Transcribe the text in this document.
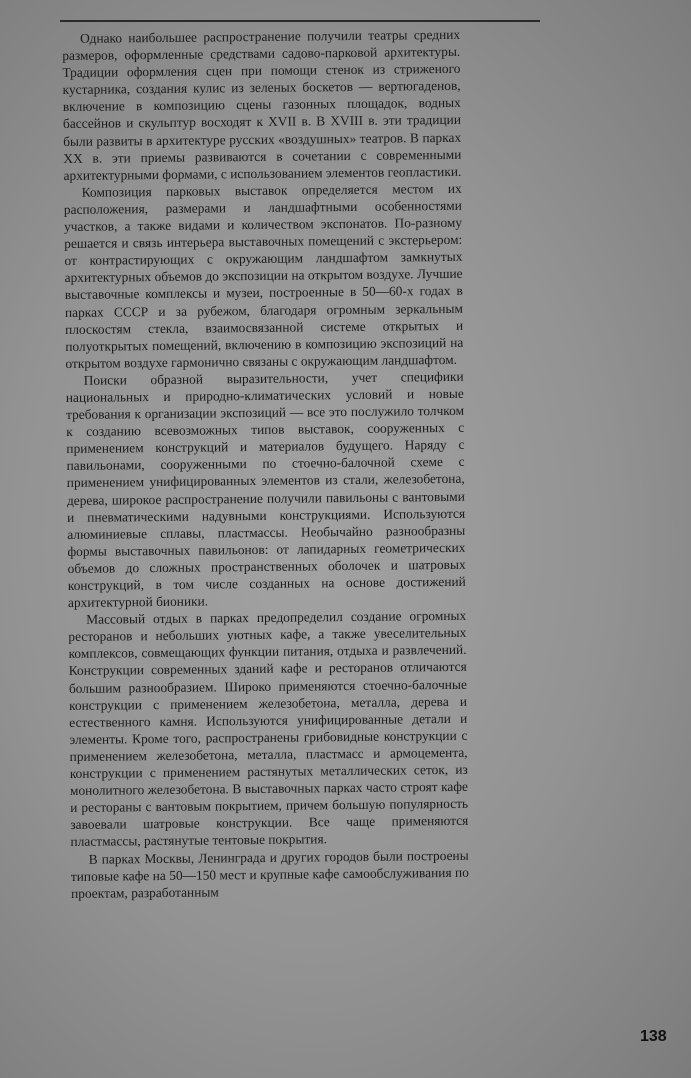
Однако наибольшее распространение получили театры средних размеров, оформленные средствами садово-парковой архитектуры. Традиции оформления сцен при помощи стенок из стриженого кустарника, создания кулис из зеленых боскетов — вертюгаденов, включение в композицию сцены газонных площадок, водных бассейнов и скульптур восходят к XVII в. В XVIII в. эти традиции были развиты в архитектуре русских «воздушных» театров. В парках XX в. эти приемы развиваются в сочетании с современными архитектурными формами, с использованием элементов геопластики.

Композиция парковых выставок определяется местом их расположения, размерами и ландшафтными особенностями участков, а также видами и количеством экспонатов. По-разному решается и связь интерьера выставочных помещений с экстерьером: от контрастирующих с окружающим ландшафтом замкнутых архитектурных объемов до экспозиции на открытом воздухе. Лучшие выставочные комплексы и музеи, построенные в 50—60-х годах в парках СССР и за рубежом, благодаря огромным зеркальным плоскостям стекла, взаимосвязанной системе открытых и полуоткрытых помещений, включению в композицию экспозиций на открытом воздухе гармонично связаны с окружающим ландшафтом.

Поиски образной выразительности, учет специфики национальных и природно-климатических условий и новые требования к организации экспозиций — все это послужило толчком к созданию всевозможных типов выставок, сооруженных с применением конструкций и материалов будущего. Наряду с павильонами, сооруженными по стоечно-балочной схеме с применением унифицированных элементов из стали, железобетона, дерева, широкое распространение получили павильоны с вантовыми и пневматическими надувными конструкциями. Используются алюминиевые сплавы, пластмассы. Необычайно разнообразны формы выставочных павильонов: от лапидарных геометрических объемов до сложных пространственных оболочек и шатровых конструкций, в том числе созданных на основе достижений архитектурной бионики.

Массовый отдых в парках предопределил создание огромных ресторанов и небольших уютных кафе, а также увеселительных комплексов, совмещающих функции питания, отдыха и развлечений. Конструкции современных зданий кафе и ресторанов отличаются большим разнообразием. Широко применяются стоечно-балочные конструкции с применением железобетона, металла, дерева и естественного камня. Используются унифицированные детали и элементы. Кроме того, распространены грибовидные конструкции с применением железобетона, металла, пластмасс и армоцемента, конструкции с применением растянутых металлических сеток, из монолитного железобетона. В выставочных парках часто строят кафе и рестораны с вантовым покрытием, причем большую популярность завоевали шатровые конструкции. Все чаще применяются пластмассы, растянутые тентовые покрытия.

В парках Москвы, Ленинграда и других городов были построены типовые кафе на 50—150 мест и крупные кафе самообслуживания по проектам, разработанным

138
